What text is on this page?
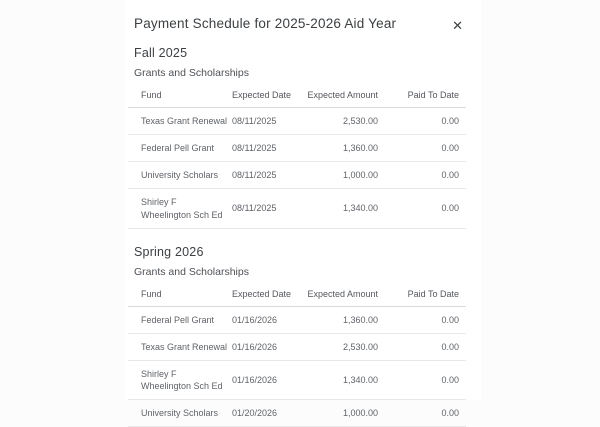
Payment Schedule for 2025-2026 Aid Year	✕
Fall 2025
Grants and Scholarships
Fund	Expected Date	Expected Amount	Paid To Date
Texas Grant Renewal	08/11/2025	2,530.00	0.00
Federal Pell Grant	08/11/2025	1,360.00	0.00
University Scholars	08/11/2025	1,000.00	0.00
Shirley F Wheelington Sch Ed	08/11/2025	1,340.00	0.00
Spring 2026
Grants and Scholarships
Fund	Expected Date	Expected Amount	Paid To Date
Federal Pell Grant	01/16/2026	1,360.00	0.00
Texas Grant Renewal	01/16/2026	2,530.00	0.00
Shirley F Wheelington Sch Ed	01/16/2026	1,340.00	0.00
University Scholars	01/20/2026	1,000.00	0.00
